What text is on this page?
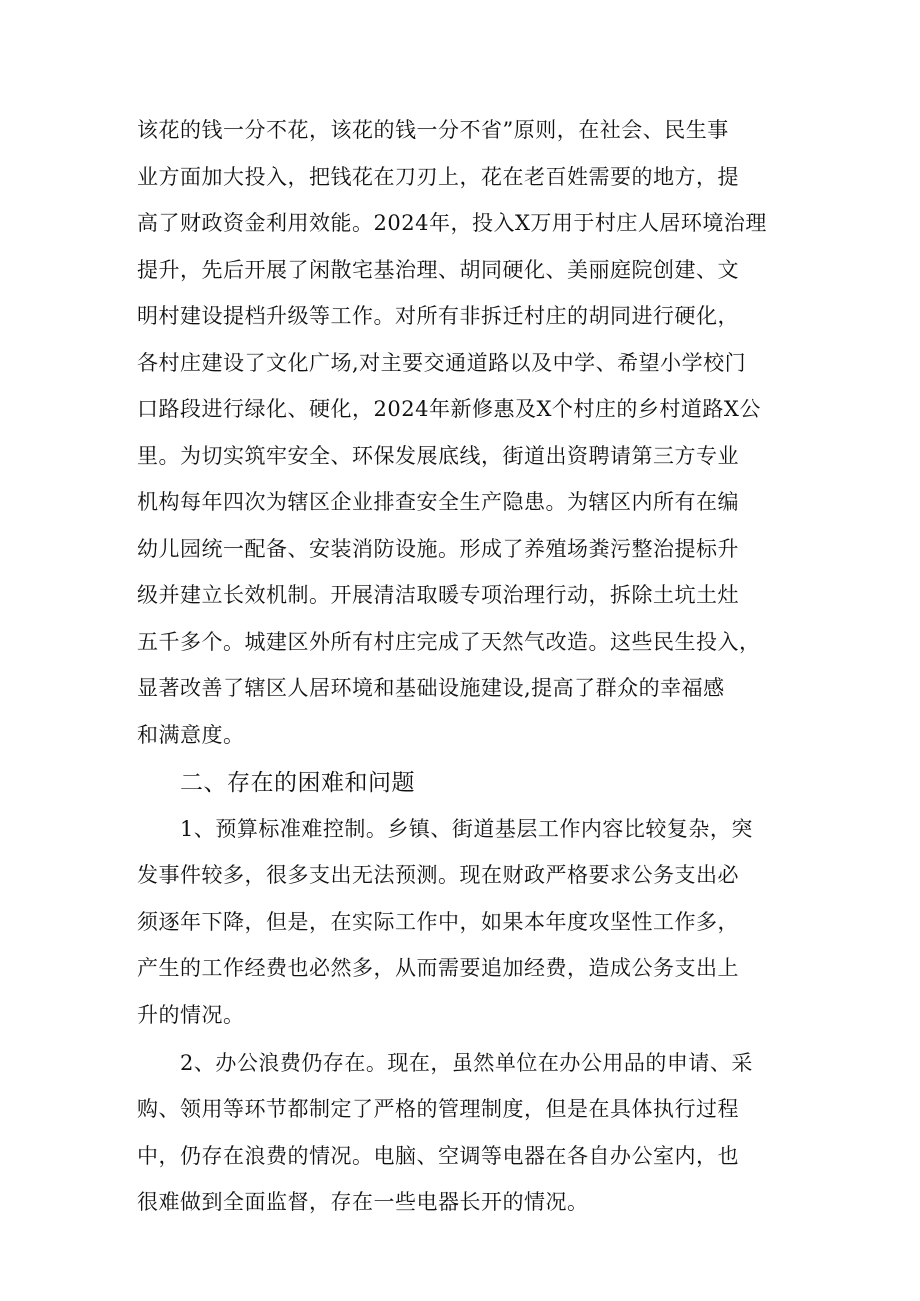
该花的钱一分不花，该花的钱一分不省”原则，在社会、民生事
业方面加大投入，把钱花在刀刃上，花在老百姓需要的地方，提
高了财政资金利用效能。2024年，投入X万用于村庄人居环境治理
提升，先后开展了闲散宅基治理、胡同硬化、美丽庭院创建、文
明村建设提档升级等工作。对所有非拆迁村庄的胡同进行硬化，
各村庄建设了文化广场,对主要交通道路以及中学、希望小学校门
口路段进行绿化、硬化，2024年新修惠及X个村庄的乡村道路X公
里。为切实筑牢安全、环保发展底线，街道出资聘请第三方专业
机构每年四次为辖区企业排查安全生产隐患。为辖区内所有在编
幼儿园统一配备、安装消防设施。形成了养殖场粪污整治提标升
级并建立长效机制。开展清洁取暖专项治理行动，拆除土坑土灶
五千多个。城建区外所有村庄完成了天然气改造。这些民生投入，
显著改善了辖区人居环境和基础设施建设,提高了群众的幸福感
和满意度。
二、存在的困难和问题
1、预算标准难控制。乡镇、街道基层工作内容比较复杂，突
发事件较多，很多支出无法预测。现在财政严格要求公务支出必
须逐年下降，但是，在实际工作中，如果本年度攻坚性工作多，
产生的工作经费也必然多，从而需要追加经费，造成公务支出上
升的情况。
2、办公浪费仍存在。现在，虽然单位在办公用品的申请、采
购、领用等环节都制定了严格的管理制度，但是在具体执行过程
中，仍存在浪费的情况。电脑、空调等电器在各自办公室内，也
很难做到全面监督，存在一些电器长开的情况。
